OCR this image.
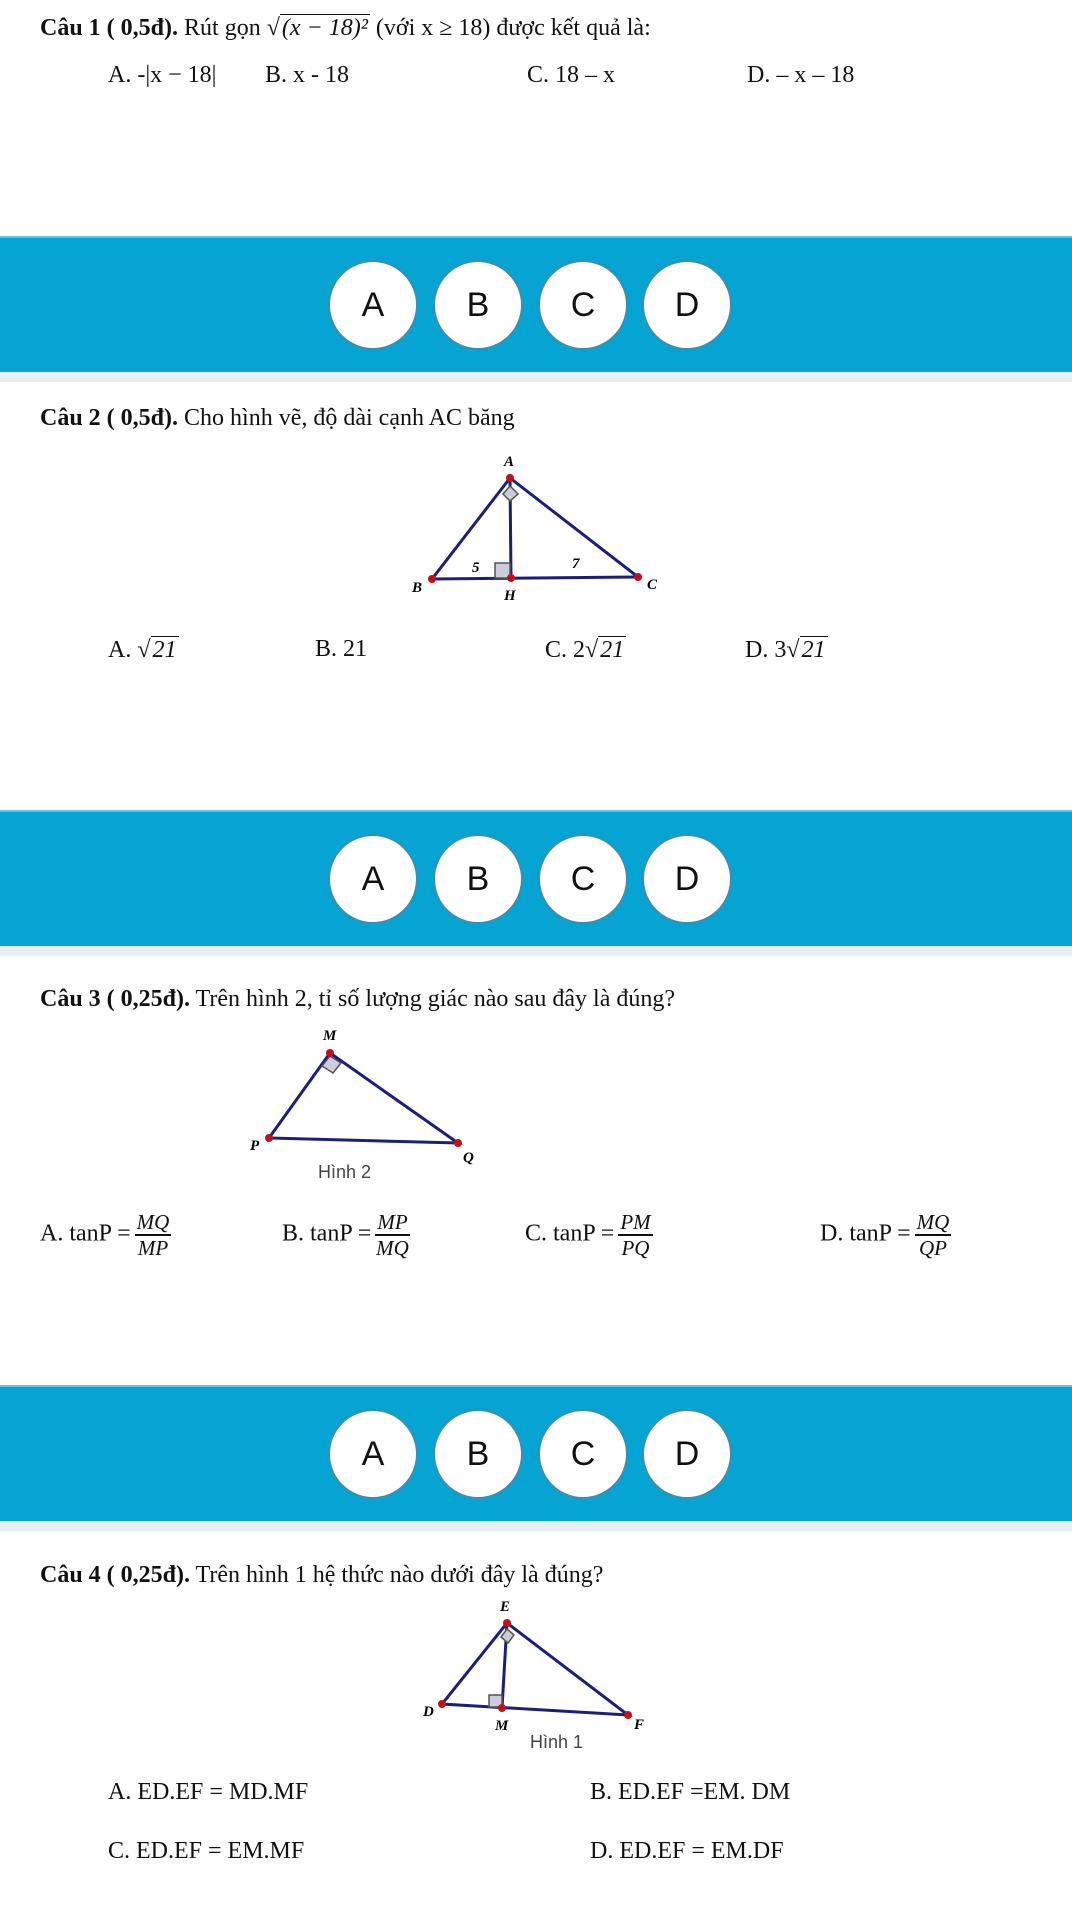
Câu 1 ( 0,5đ). Rút gọn √(x − 18)² (với x ≥ 18) được kết quả là:
A. -|x − 18| B. x - 18	C. 18 – x	D. – x – 18
A	B	C	D
Câu 2 ( 0,5đ). Cho hình vẽ, độ dài cạnh AC băng
A. √21	B. 21	C. 2√21	D. 3√21
A	B	C	D
Câu 3 ( 0,25đ). Trên hình 2, tỉ số lượng giác nào sau đây là đúng?
A. $\tan P = \frac{MQ}{MP}$	B. $\tan P = \frac{MP}{MQ}$	C. $\tan P = \frac{PM}{PQ}$	D. $\tan P = \frac{MQ}{QP}$
A	B	C	D
Câu 4 ( 0,25đ). Trên hình 1 hệ thức nào dưới đây là đúng?
A. ED.EF = MD.MF	B. ED.EF =EM. DM
C. ED.EF = EM.MF	D. ED.EF = EM.DF
A
B	H
C
5	7
M
P
Q
Hình 2
E
D
M	F
Hình 1
